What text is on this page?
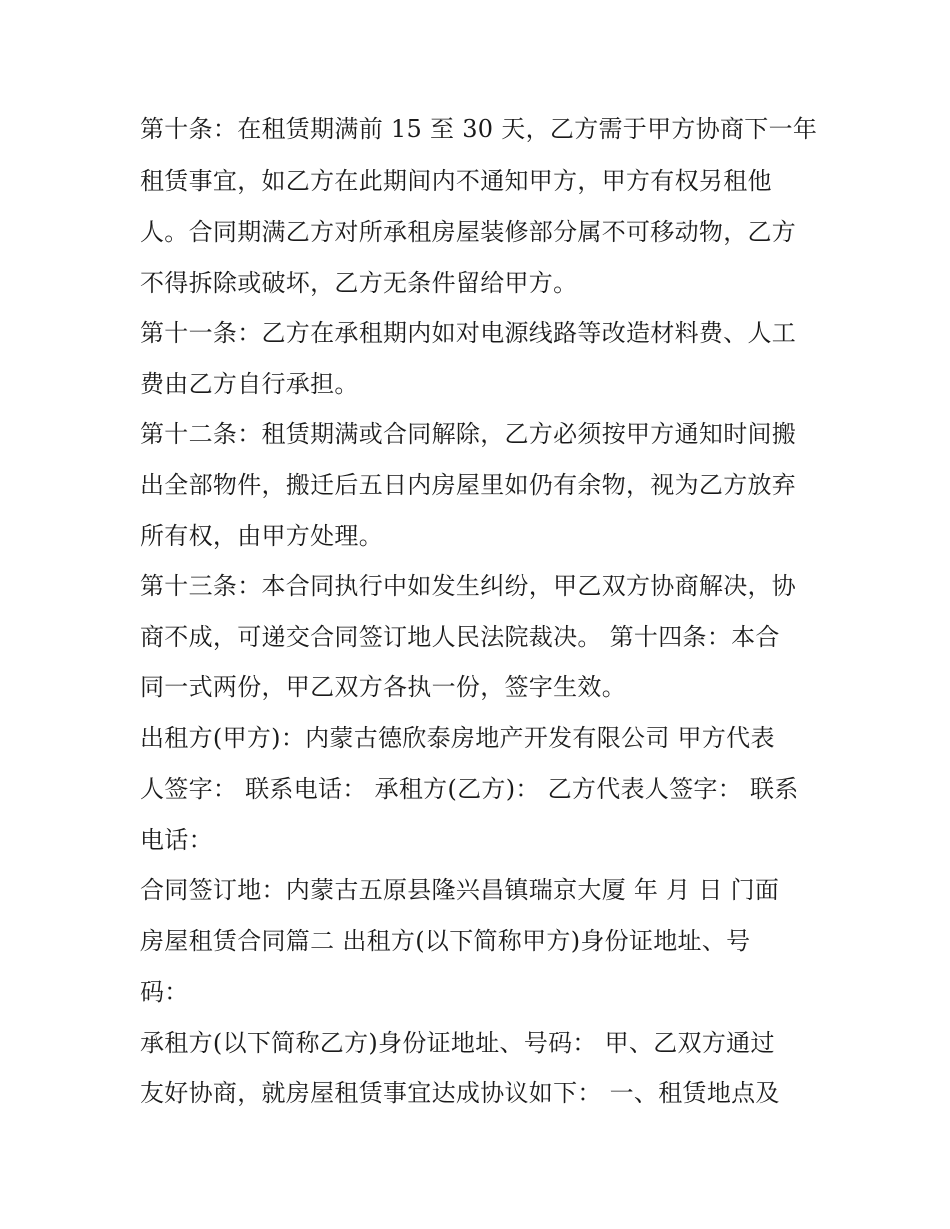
第十条：在租赁期满前 15 至 30 天，乙方需于甲方协商下一年
租赁事宜，如乙方在此期间内不通知甲方，甲方有权另租他
人。合同期满乙方对所承租房屋装修部分属不可移动物，乙方
不得拆除或破坏，乙方无条件留给甲方。
第十一条：乙方在承租期内如对电源线路等改造材料费、人工
费由乙方自行承担。
第十二条：租赁期满或合同解除，乙方必须按甲方通知时间搬
出全部物件，搬迁后五日内房屋里如仍有余物，视为乙方放弃
所有权，由甲方处理。
第十三条：本合同执行中如发生纠纷，甲乙双方协商解决，协
商不成，可递交合同签订地人民法院裁决。 第十四条：本合
同一式两份，甲乙双方各执一份，签字生效。
出租方(甲方)：内蒙古德欣泰房地产开发有限公司 甲方代表
人签字： 联系电话： 承租方(乙方)： 乙方代表人签字： 联系
电话：
合同签订地：内蒙古五原县隆兴昌镇瑞京大厦 年 月 日 门面
房屋租赁合同篇二 出租方(以下简称甲方)身份证地址、号
码：
承租方(以下简称乙方)身份证地址、号码： 甲、乙双方通过
友好协商，就房屋租赁事宜达成协议如下： 一、租赁地点及
